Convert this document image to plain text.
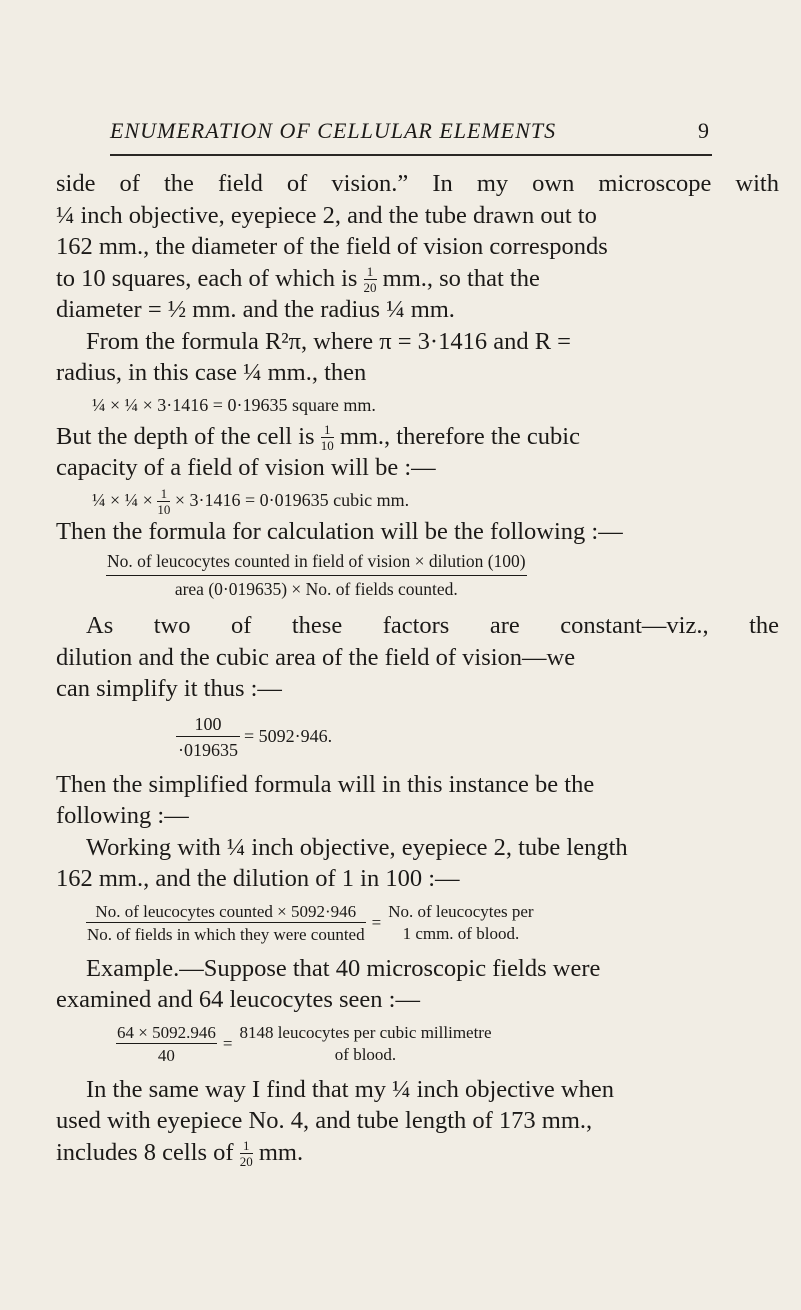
ENUMERATION OF CELLULAR ELEMENTS	9
side of the field of vision.” In my own microscope with
¼ inch objective, eyepiece 2, and the tube drawn out to
162 mm., the diameter of the field of vision corresponds
to 10 squares, each of which is $\frac{1}{20}$ mm., so that the
diameter = ½ mm. and the radius ¼ mm.
From the formula R²π, where π = 3·1416 and R =
radius, in this case ¼ mm., then
¼ × ¼ × 3·1416 = 0·19635 square mm.
But the depth of the cell is $\frac{1}{10}$ mm., therefore the cubic
capacity of a field of vision will be :—
¼ × ¼ × $\frac{1}{10} \times 3\cdot 1416 = 0\cdot 019635$ cubic mm.
Then the formula for calculation will be the following :—
No. of leucocytes counted in field of vision × dilution (100)
area (0·019635) × No. of fields counted.
As two of these factors are constant—viz., the
dilution and the cubic area of the field of vision—we
can simplify it thus :—
$\frac{100}{\cdot 019635} = 5092\cdot 946$.
Then the simplified formula will in this instance be the
following :—
Working with ¼ inch objective, eyepiece 2, tube length
162 mm., and the dilution of 1 in 100 :—
$\frac{\text{No. of leucocytes counted × 5092·946}}{\text{No. of fields in which they were counted}}$ =
No. of leucocytes per
1 cmm. of blood.
Example.—Suppose that 40 microscopic fields were
examined and 64 leucocytes seen :—
$\frac{64 \times 5092.946}{40}$ =
8148 leucocytes per cubic millimetre
of blood.
In the same way I find that my ¼ inch objective when
used with eyepiece No. 4, and tube length of 173 mm.,
includes 8 cells of $\frac{1}{20}$ mm.
